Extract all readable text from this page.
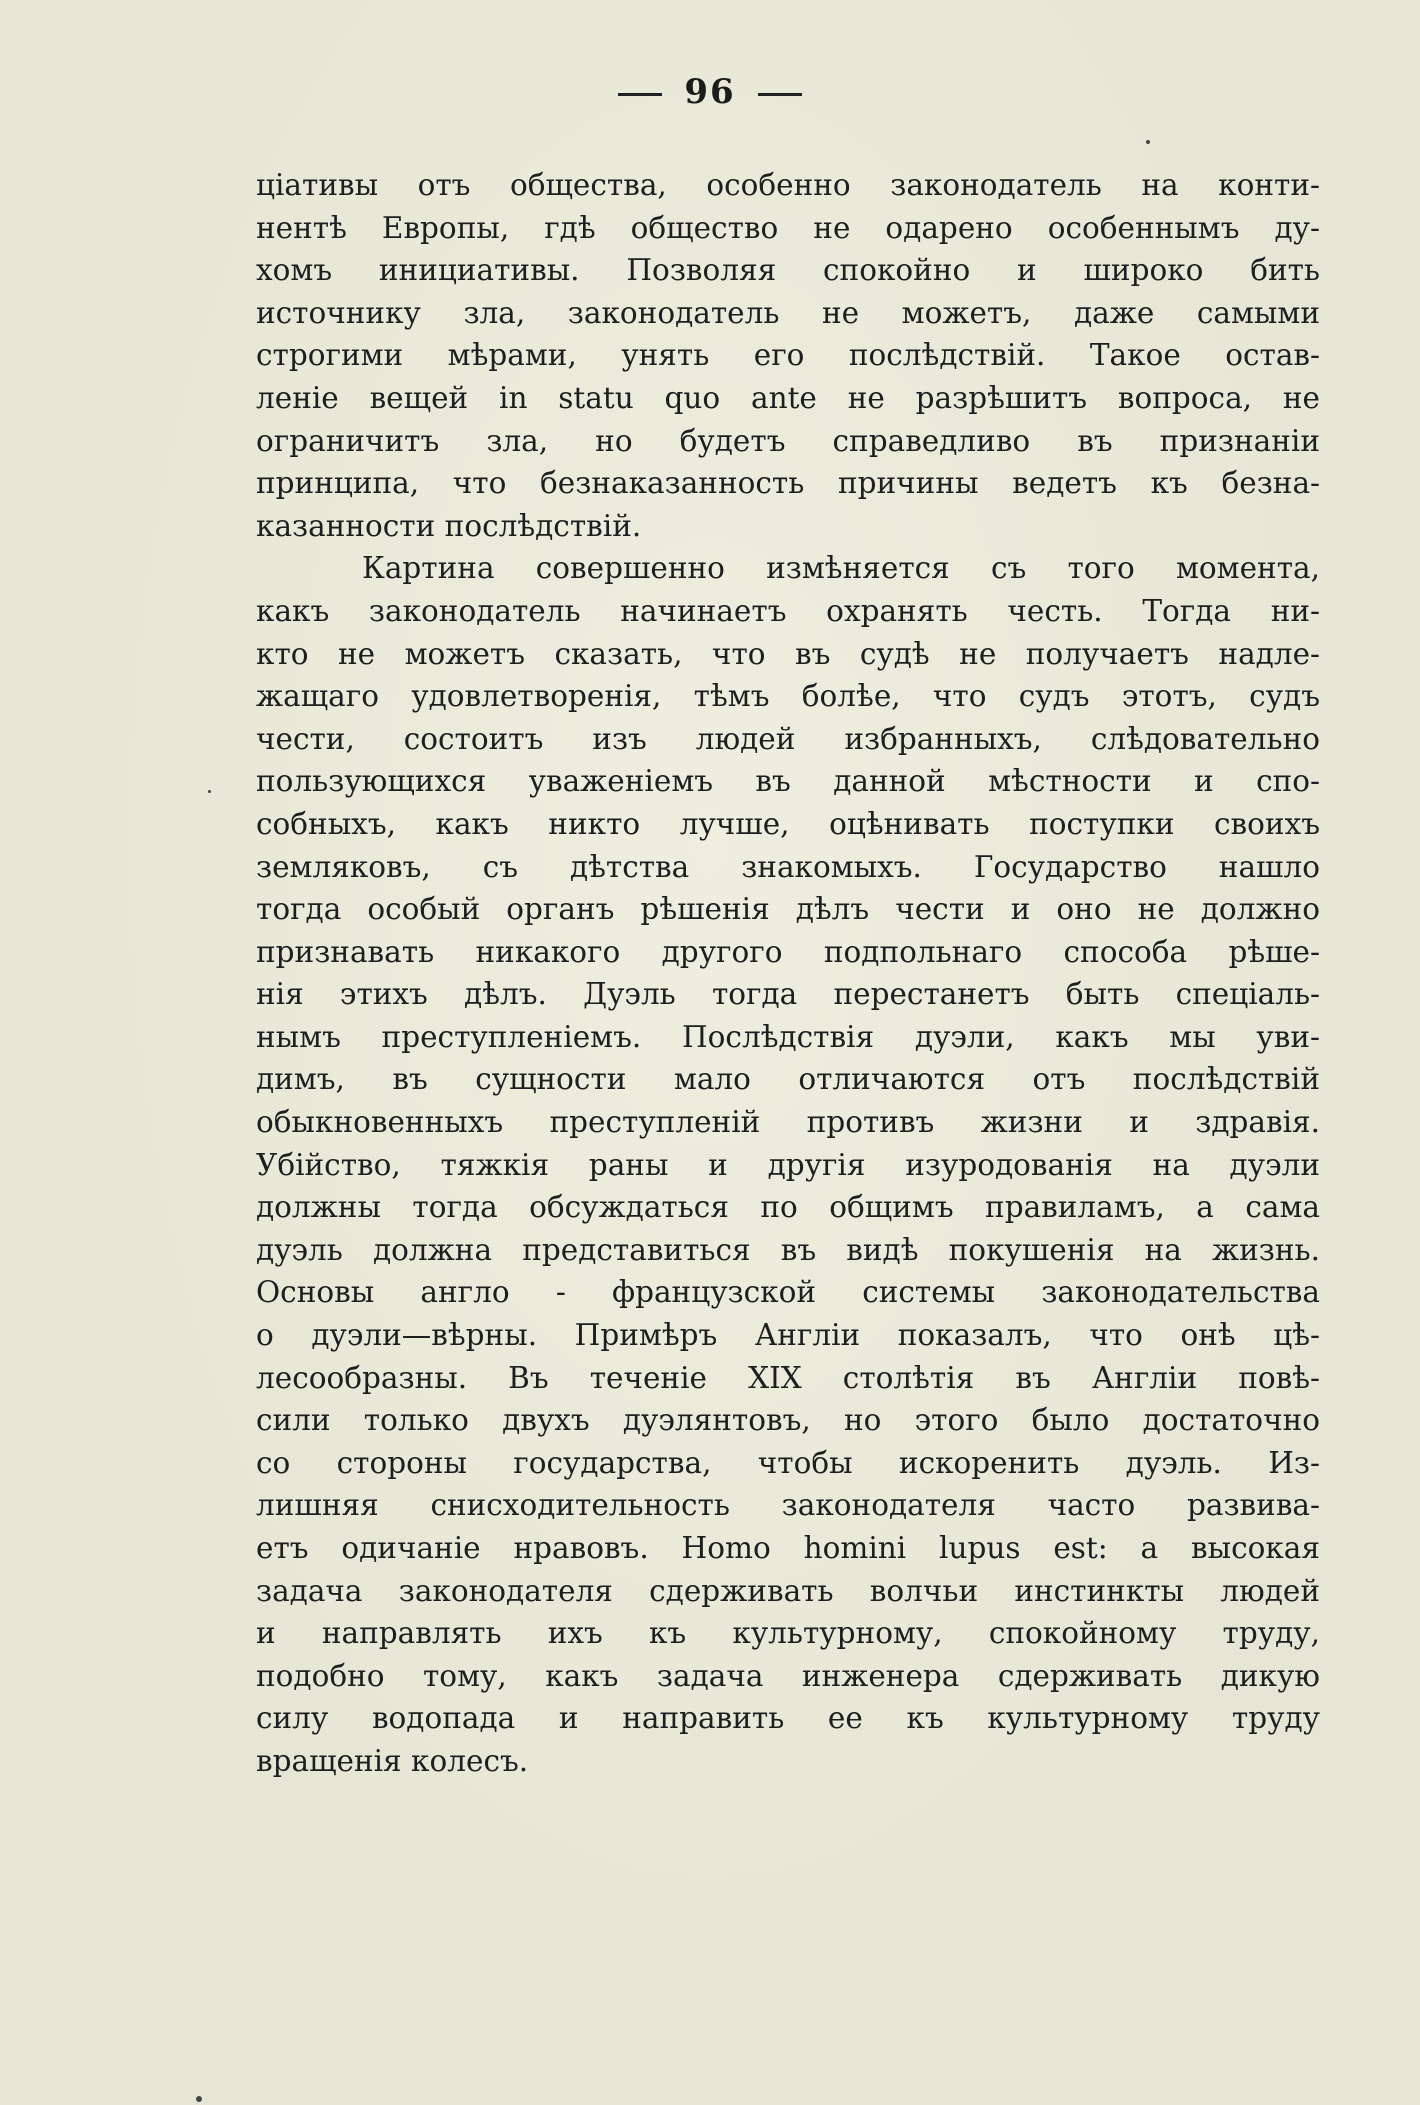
96
ціативы отъ общества, особенно законодатель на конти-
нентѣ Европы, гдѣ общество не одарено особеннымъ ду-
хомъ инициативы. Позволяя спокойно и широко бить
источнику зла, законодатель не можетъ, даже самыми
строгими мѣрами, унять его послѣдствій. Такое остав-
леніе вещей in statu quo ante не разрѣшитъ вопроса, не
ограничитъ зла, но будетъ справедливо въ признаніи
принципа, что безнаказанность причины ведетъ къ безна-
казанности послѣдствій.
Картина совершенно измѣняется съ того момента,
какъ законодатель начинаетъ охранять честь. Тогда ни-
кто не можетъ сказать, что въ судѣ не получаетъ надле-
жащаго удовлетворенія, тѣмъ болѣе, что судъ этотъ, судъ
чести, состоитъ изъ людей избранныхъ, слѣдовательно
пользующихся уваженіемъ въ данной мѣстности и спо-
собныхъ, какъ никто лучше, оцѣнивать поступки своихъ
земляковъ, съ дѣтства знакомыхъ. Государство нашло
тогда особый органъ рѣшенія дѣлъ чести и оно не должно
признавать никакого другого подпольнаго способа рѣше-
нія этихъ дѣлъ. Дуэль тогда перестанетъ быть спеціаль-
нымъ преступленіемъ. Послѣдствія дуэли, какъ мы уви-
димъ, въ сущности мало отличаются отъ послѣдствій
обыкновенныхъ преступленій противъ жизни и здравія.
Убійство, тяжкія раны и другія изуродованія на дуэли
должны тогда обсуждаться по общимъ правиламъ, а сама
дуэль должна представиться въ видѣ покушенія на жизнь.
Основы англо - французской системы законодательства
о дуэли—вѣрны. Примѣръ Англіи показалъ, что онѣ цѣ-
лесообразны. Въ теченіе XIX столѣтія въ Англіи повѣ-
сили только двухъ дуэлянтовъ, но этого было достаточно
со стороны государства, чтобы искоренить дуэль. Из-
лишняя снисходительность законодателя часто развива-
етъ одичаніе нравовъ. Homo homini lupus est: а высокая
задача законодателя сдерживать волчьи инстинкты людей
и направлять ихъ къ культурному, спокойному труду,
подобно тому, какъ задача инженера сдерживать дикую
силу водопада и направить ее къ культурному труду
вращенія колесъ.
